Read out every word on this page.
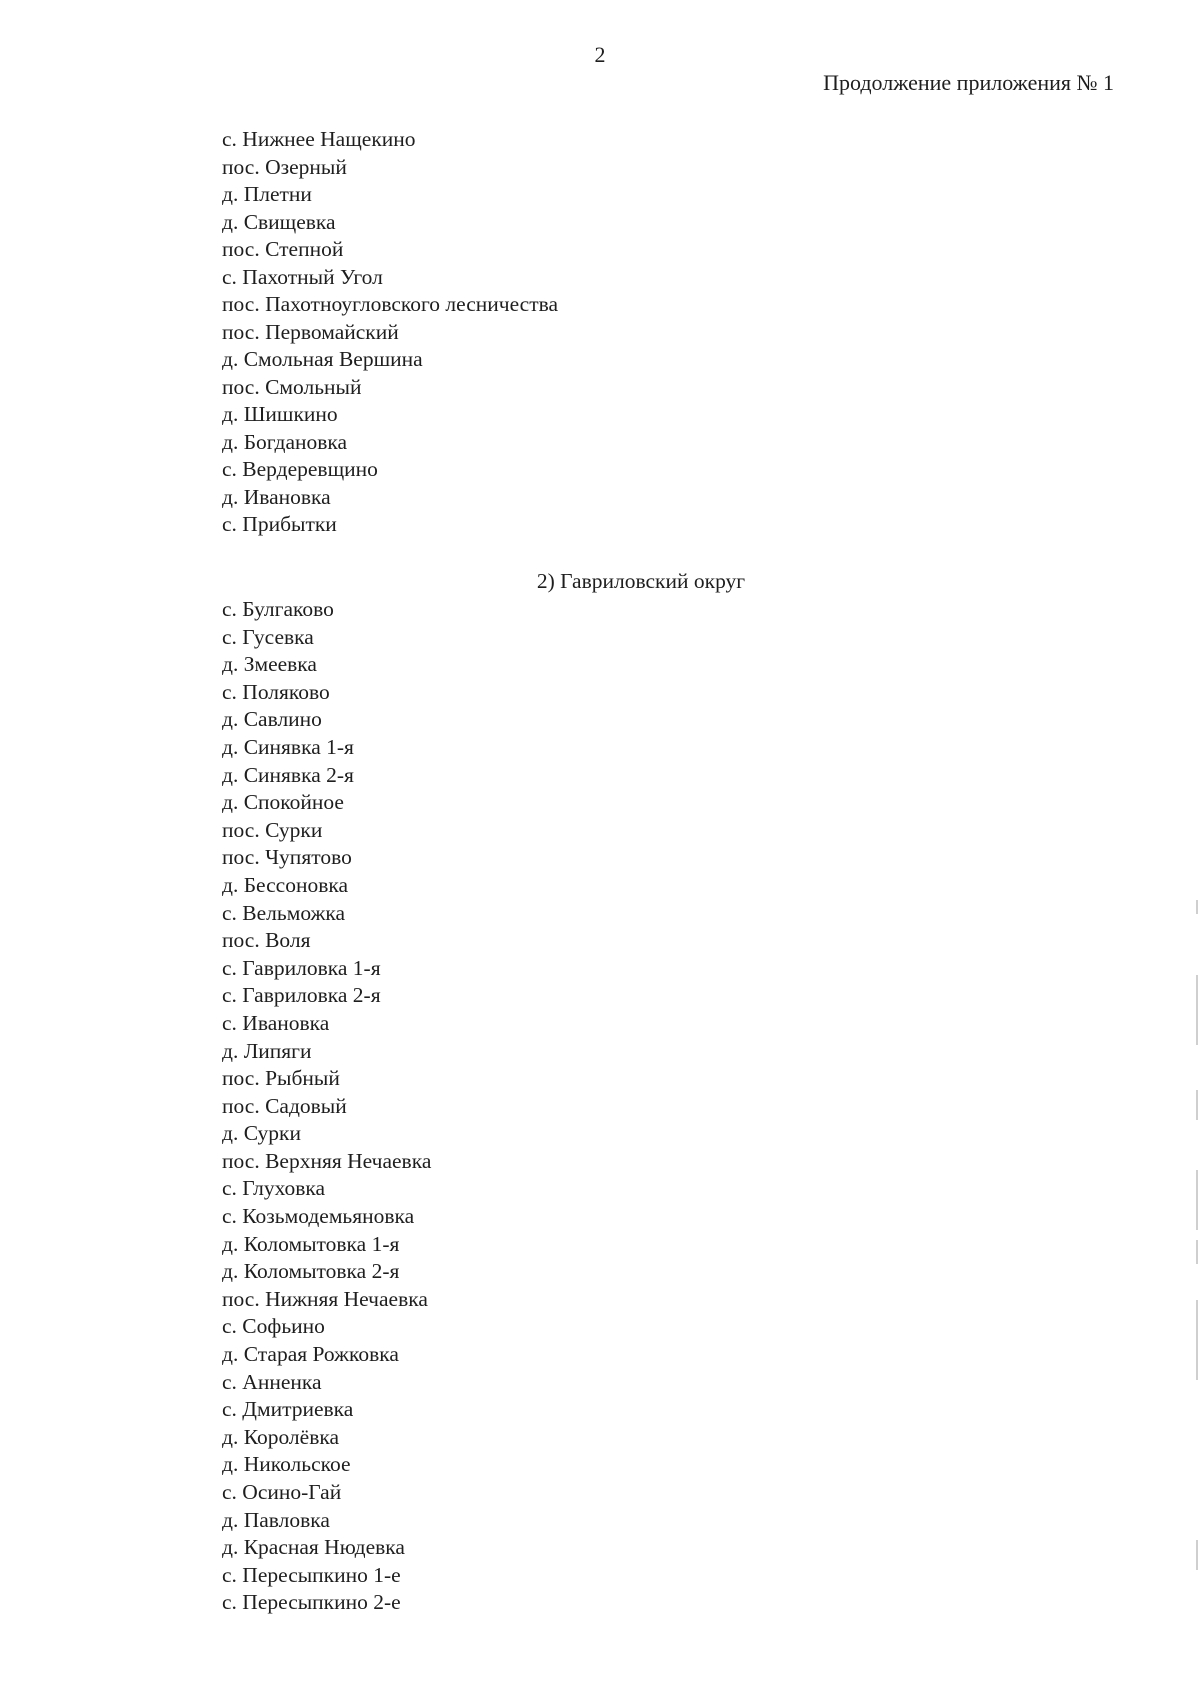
2
Продолжение приложения № 1
с. Нижнее Нащекино
пос. Озерный
д. Плетни
д. Свищевка
пос. Степной
с. Пахотный Угол
пос. Пахотноугловского лесничества
пос. Первомайский
д. Смольная Вершина
пос. Смольный
д. Шишкино
д. Богдановка
с. Вердеревщино
д. Ивановка
с. Прибытки
2) Гавриловский округ
с. Булгаково
с. Гусевка
д. Змеевка
с. Поляково
д. Савлино
д. Синявка 1-я
д. Синявка 2-я
д. Спокойное
пос. Сурки
пос. Чупятово
д. Бессоновка
с. Вельможка
пос. Воля
с. Гавриловка 1-я
с. Гавриловка 2-я
с. Ивановка
д. Липяги
пос. Рыбный
пос. Садовый
д. Сурки
пос. Верхняя Нечаевка
с. Глуховка
с. Козьмодемьяновка
д. Коломытовка 1-я
д. Коломытовка 2-я
пос. Нижняя Нечаевка
с. Софьино
д. Старая Рожковка
с. Анненка
с. Дмитриевка
д. Королёвка
д. Никольское
с. Осино-Гай
д. Павловка
д. Красная Нюдевка
с. Пересыпкино 1-е
с. Пересыпкино 2-е
